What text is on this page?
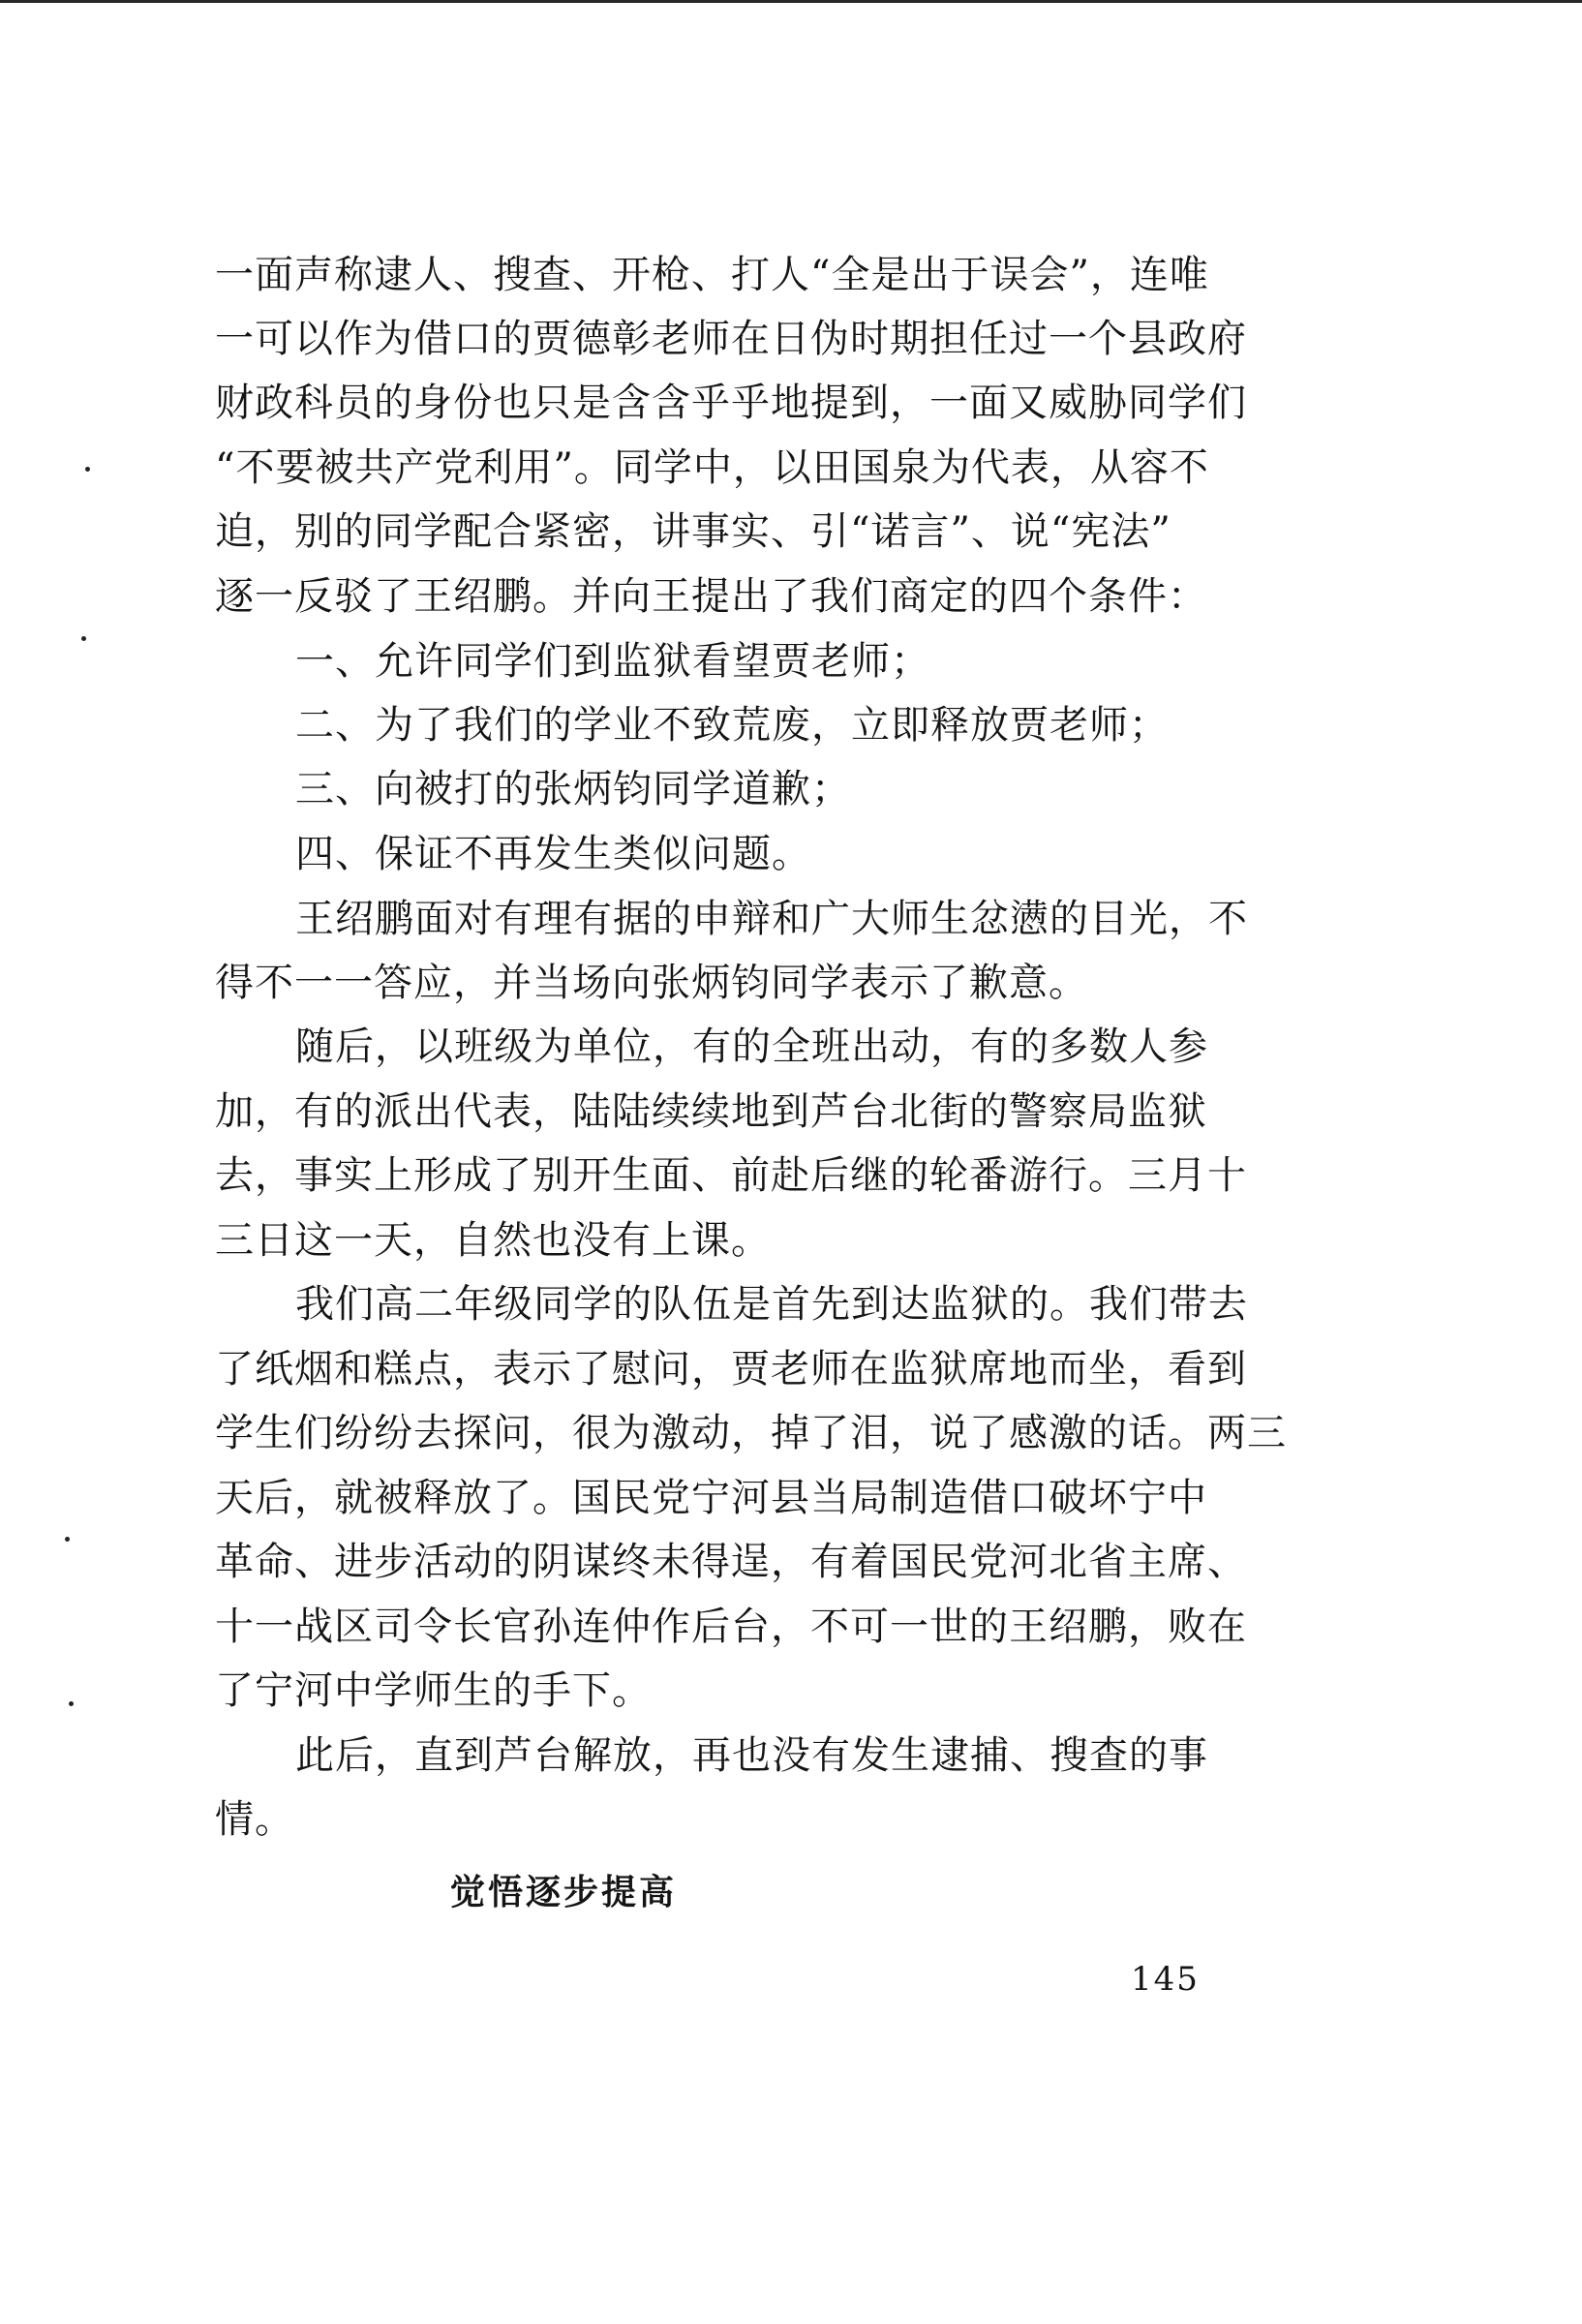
一面声称逮人、搜查、开枪、打人“全是出于误会”，连唯
一可以作为借口的贾德彰老师在日伪时期担任过一个县政府
财政科员的身份也只是含含乎乎地提到，一面又威胁同学们
“不要被共产党利用”。同学中，以田国泉为代表，从容不
迫，别的同学配合紧密，讲事实、引“诺言”、说“宪法”
逐一反驳了王绍鹏。并向王提出了我们商定的四个条件：
一、允许同学们到监狱看望贾老师；
二、为了我们的学业不致荒废，立即释放贾老师；
三、向被打的张炳钧同学道歉；
四、保证不再发生类似问题。
王绍鹏面对有理有据的申辩和广大师生忿懑的目光，不
得不一一答应，并当场向张炳钧同学表示了歉意。
随后，以班级为单位，有的全班出动，有的多数人参
加，有的派出代表，陆陆续续地到芦台北街的警察局监狱
去，事实上形成了别开生面、前赴后继的轮番游行。三月十
三日这一天，自然也没有上课。
我们高二年级同学的队伍是首先到达监狱的。我们带去
了纸烟和糕点，表示了慰问，贾老师在监狱席地而坐，看到
学生们纷纷去探问，很为激动，掉了泪，说了感激的话。两三
天后，就被释放了。国民党宁河县当局制造借口破坏宁中
革命、进步活动的阴谋终未得逞，有着国民党河北省主席、
十一战区司令长官孙连仲作后台，不可一世的王绍鹏，败在
了宁河中学师生的手下。
此后，直到芦台解放，再也没有发生逮捕、搜查的事
情。
觉悟逐步提高
145
